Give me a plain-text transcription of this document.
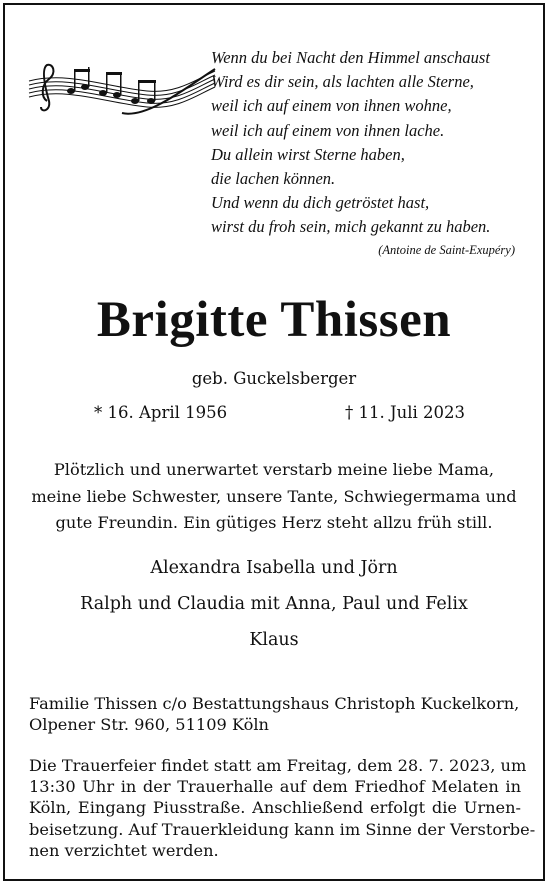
Wenn du bei Nacht den Himmel anschaust
Wird es dir sein, als lachten alle Sterne,
weil ich auf einem von ihnen wohne,
weil ich auf einem von ihnen lache.
Du allein wirst Sterne haben,
die lachen können.
Und wenn du dich getröstet hast,
wirst du froh sein, mich gekannt zu haben.
(Antoine de Saint-Exupéry)
Brigitte Thissen
geb. Guckelsberger
* 16. April 1956	† 11. Juli 2023
Plötzlich und unerwartet verstarb meine liebe Mama,
meine liebe Schwester, unsere Tante, Schwiegermama und
gute Freundin. Ein gütiges Herz steht allzu früh still.
Alexandra Isabella und Jörn
Ralph und Claudia mit Anna, Paul und Felix
Klaus
Familie Thissen c/o Bestattungshaus Christoph Kuckelkorn,
Olpener Str. 960, 51109 Köln
Die Trauerfeier findet statt am Freitag, dem 28. 7. 2023, um
13:30 Uhr in der Trauerhalle auf dem Friedhof Melaten in
Köln, Eingang Piusstraße. Anschließend erfolgt die Urnen-
beisetzung. Auf Trauerkleidung kann im Sinne der Verstorbe-
nen verzichtet werden.
